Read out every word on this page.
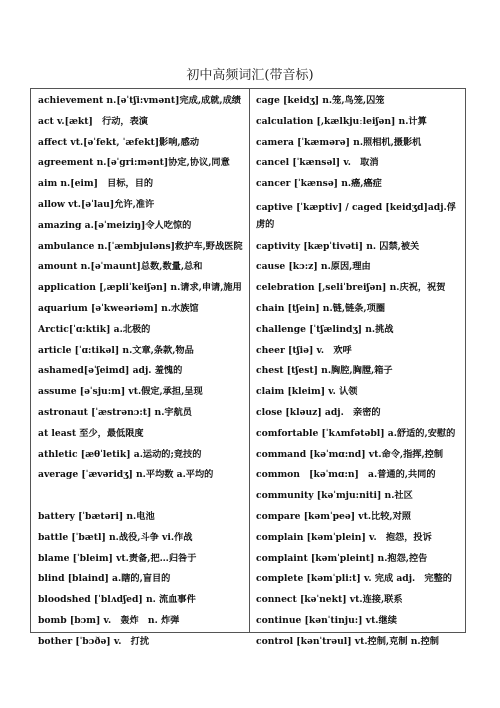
初中高频词汇(带音标)
achievement n.[əˈtʃi:vmənt]完成,成就,成绩
act v.[ækt]　行动，表演
affect vt.[əˈfekt, ˈæfekt]影响,感动
agreement n.[əˈgri:mənt]协定,协议,同意
aim n.[eim]　目标，目的
allow vt.[əˈlau]允许,准许
amazing a.[əˈmeiziŋ]令人吃惊的
ambulance n.[ˈæmbjuləns]救护车,野战医院
amount n.[əˈmaunt]总数,数量,总和
application [,æpliˈkeiʃən] n.请求,申请,施用
aquarium [əˈkweəriəm] n.水族馆
Arctic[ˈɑ:ktik] a.北极的
article [ˈɑ:tikəl] n.文章,条款,物品
ashamed[əˈʃeimd] adj. 羞愧的
assume [əˈsju:m] vt.假定,承担,呈现
astronaut [ˈæstrənɔ:t] n.宇航员
at least 至少，最低限度
athletic [æθˈletik] a.运动的;竞技的
average [ˈævəridʒ] n.平均数 a.平均的
battery [ˈbætəri] n.电池
battle [ˈbætl] n.战役,斗争 vi.作战
blame [ˈbleim] vt.责备,把…归咎于
blind [blaind] a.瞎的,盲目的
bloodshed [ˈblʌdʃed] n. 流血事件
bomb [bɔm] v.　轰炸　n. 炸弹
bother [ˈbɔðə] v.　打扰
cage [keidʒ] n.笼,鸟笼,囚笼
calculation [,kælkjuːleiʃən] n.计算
camera [ˈkæmərə] n.照相机,摄影机
cancel [ˈkænsəl] v.　取消
cancer [ˈkænsə] n.癌,癌症
captive [ˈkæptiv] / caged [keidʒd]adj.俘虏的
captivity [kæpˈtivəti] n. 囚禁,被关
cause [kɔ:z] n.原因,理由
celebration [,seliˈbreiʃən] n.庆祝，祝贺
chain [tʃein] n.链,链条,项圈
challenge [ˈtʃælindʒ] n.挑战
cheer [tʃiə] v.　欢呼
chest [tʃest] n.胸腔,胸膛,箱子
claim [kleim] v. 认领
close [kləuz] adj.　亲密的
comfortable [ˈkʌmfətəbl] a.舒适的,安慰的
command [kəˈmɑ:nd] vt.命令,指挥,控制
common　[kəˈmɑ:n]　a.普通的,共同的
community [kəˈmju:niti] n.社区
compare [kəmˈpeə] vt.比较,对照
complain [kəmˈplein] v.　抱怨，投诉
complaint [kəmˈpleint] n.抱怨,控告
complete [kəmˈpli:t] v. 完成 adj.　完整的
connect [kəˈnekt] vt.连接,联系
continue [kənˈtinju:] vt.继续
control [kənˈtrəul] vt.控制,克制 n.控制
